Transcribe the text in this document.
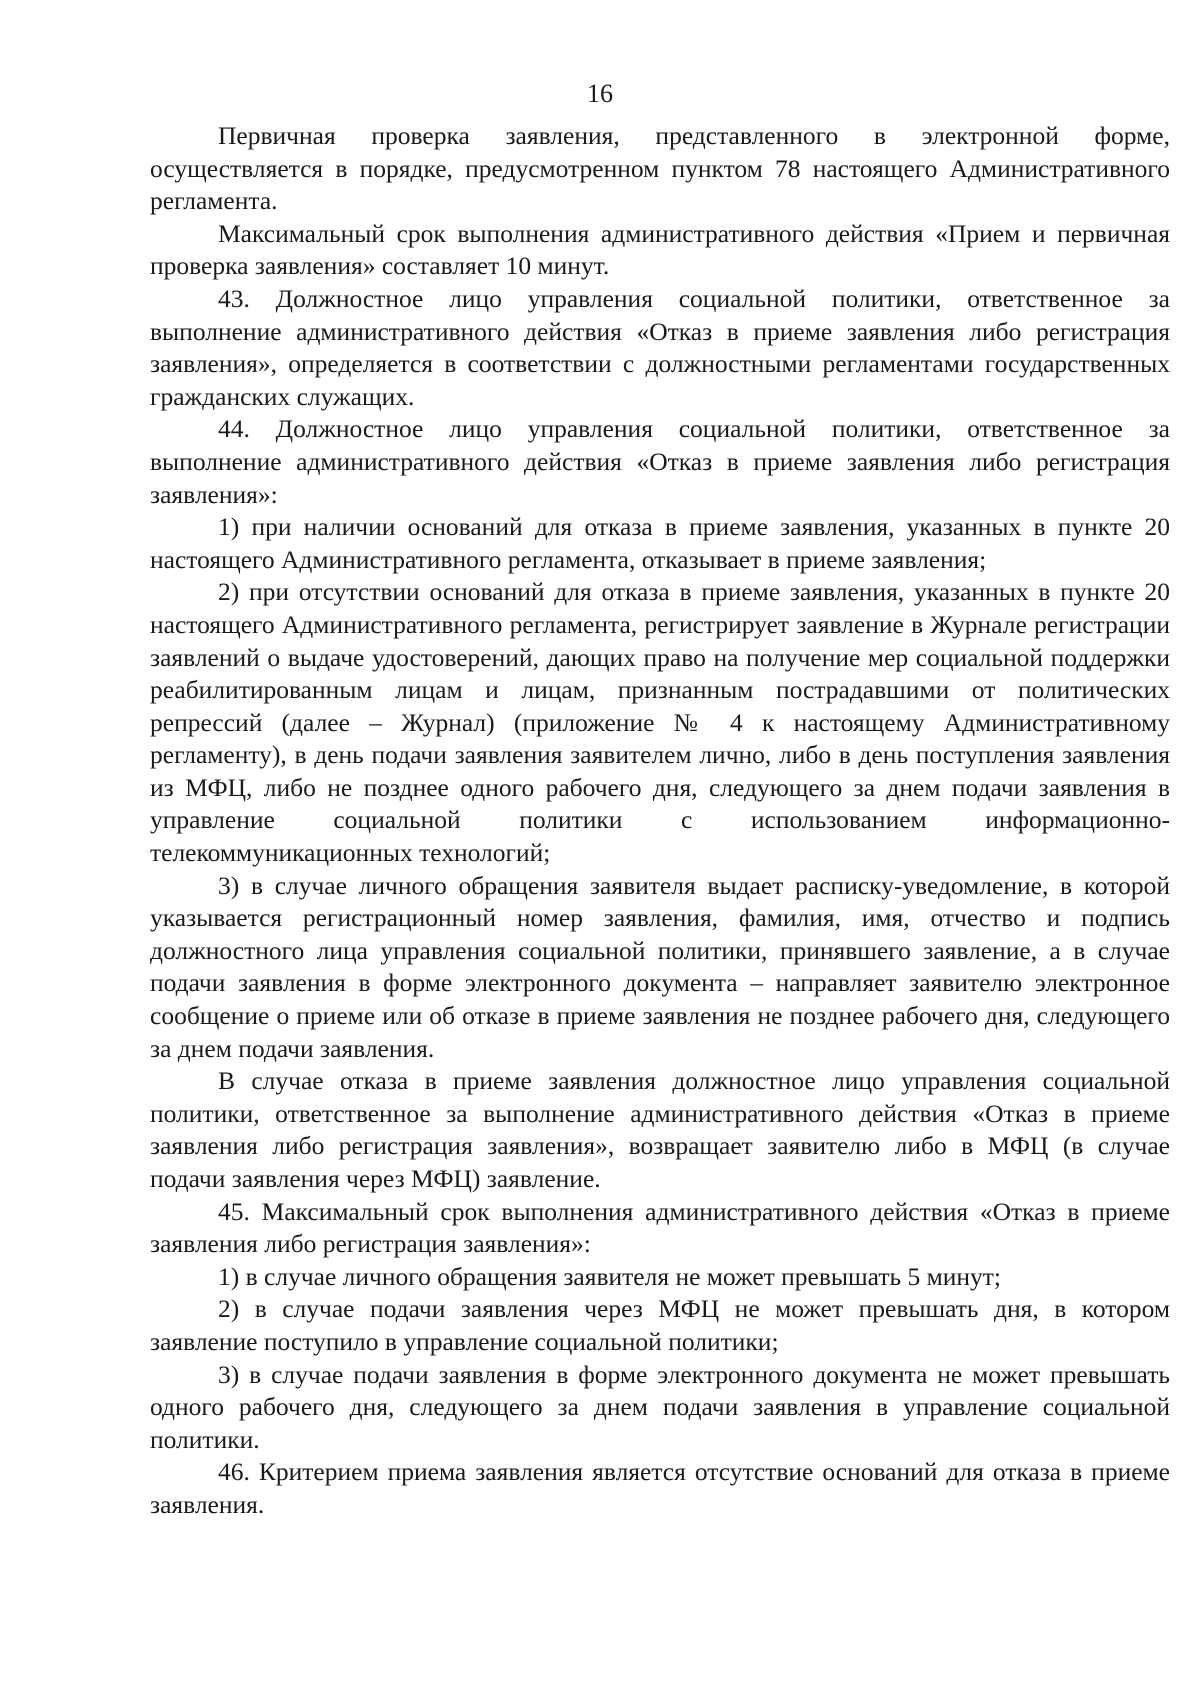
16

Первичная проверка заявления, представленного в электронной форме, осуществляется в порядке, предусмотренном пунктом 78 настоящего Административного регламента.

Максимальный срок выполнения административного действия «Прием и первичная проверка заявления» составляет 10 минут.

43. Должностное лицо управления социальной политики, ответственное за выполнение административного действия «Отказ в приеме заявления либо регистрация заявления», определяется в соответствии с должностными регламентами государственных гражданских служащих.

44. Должностное лицо управления социальной политики, ответственное за выполнение административного действия «Отказ в приеме заявления либо регистрация заявления»:

1) при наличии оснований для отказа в приеме заявления, указанных в пункте 20 настоящего Административного регламента, отказывает в приеме заявления;

2) при отсутствии оснований для отказа в приеме заявления, указанных в пункте 20 настоящего Административного регламента, регистрирует заявление в Журнале регистрации заявлений о выдаче удостоверений, дающих право на получение мер социальной поддержки реабилитированным лицам и лицам, признанным пострадавшими от политических репрессий (далее – Журнал) (приложение № 4 к настоящему Административному регламенту), в день подачи заявления заявителем лично, либо в день поступления заявления из МФЦ, либо не позднее одного рабочего дня, следующего за днем подачи заявления в управление социальной политики с использованием информационно-телекоммуникационных технологий;

3) в случае личного обращения заявителя выдает расписку-уведомление, в которой указывается регистрационный номер заявления, фамилия, имя, отчество и подпись должностного лица управления социальной политики, принявшего заявление, а в случае подачи заявления в форме электронного документа – направляет заявителю электронное сообщение о приеме или об отказе в приеме заявления не позднее рабочего дня, следующего за днем подачи заявления.

В случае отказа в приеме заявления должностное лицо управления социальной политики, ответственное за выполнение административного действия «Отказ в приеме заявления либо регистрация заявления», возвращает заявителю либо в МФЦ (в случае подачи заявления через МФЦ) заявление.

45. Максимальный срок выполнения административного действия «Отказ в приеме заявления либо регистрация заявления»:

1) в случае личного обращения заявителя не может превышать 5 минут;

2) в случае подачи заявления через МФЦ не может превышать дня, в котором заявление поступило в управление социальной политики;

3) в случае подачи заявления в форме электронного документа не может превышать одного рабочего дня, следующего за днем подачи заявления в управление социальной политики.

46. Критерием приема заявления является отсутствие оснований для отказа в приеме заявления.
